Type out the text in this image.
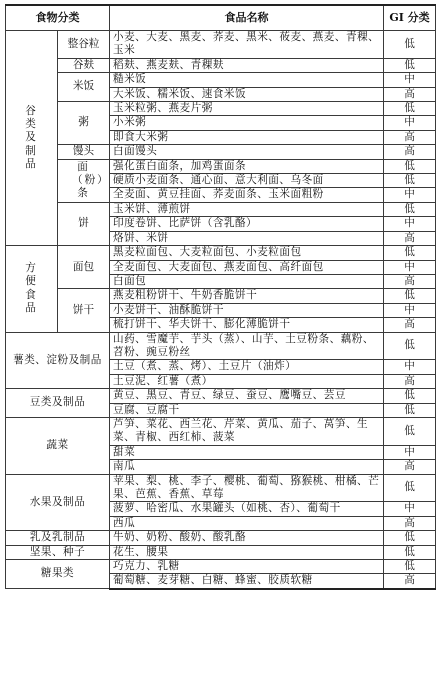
食物分类		食品名称	GI 分类
谷类及制品	整谷粒	小麦、大麦、黑麦、荞麦、黑米、莜麦、燕麦、青稞、玉米	低
	谷麸	稻麸、燕麦麸、青稞麸	低
	米饭	糙米饭	中
		大米饭、糯米饭、速食米饭	高
	粥	玉米粒粥、燕麦片粥	低
		小米粥	中
		即食大米粥	高
	馒头	白面馒头	高
	面（粉）条	强化蛋白面条，加鸡蛋面条	低
		硬质小麦面条、通心面、意大利面、乌冬面	低
		全麦面、黄豆挂面、荞麦面条、玉米面粗粉	中
	饼	玉米饼、薄煎饼	低
		印度卷饼、比萨饼（含乳酪）	中
		烙饼、米饼	高
方便食品	面包	黑麦粒面包、大麦粒面包、小麦粒面包	低
		全麦面包、大麦面包、燕麦面包、高纤面包	中
		白面包	高
	饼干	燕麦粗粉饼干、牛奶香脆饼干	低
		小麦饼干、油酥脆饼干	中
		梳打饼干、华夫饼干、膨化薄脆饼干	高
薯类、淀粉及制品		山药、雪魔芋、芋头（蒸）、山芋、土豆粉条、藕粉、苕粉、豌豆粉丝	低
		土豆（煮、蒸、烤）、土豆片（油炸）	中
		土豆泥、红薯（煮）	高
豆类及制品		黄豆、黑豆、青豆、绿豆、蚕豆、鹰嘴豆、芸豆	低
		豆腐、豆腐干	低
蔬菜		芦笋、菜花、西兰花、芹菜、黄瓜、茄子、莴笋、生菜、青椒、西红柿、菠菜	低
		甜菜	中
		南瓜	高
水果及制品		苹果、梨、桃、李子、樱桃、葡萄、猕猴桃、柑橘、芒果、芭蕉、香蕉、草莓	低
		菠萝、哈密瓜、水果罐头（如桃、杏）、葡萄干	中
		西瓜	高
乳及乳制品		牛奶、奶粉、酸奶、酸乳酪	低
坚果、种子		花生、腰果	低
糖果类		巧克力、乳糖	低
		葡萄糖、麦芽糖、白糖、蜂蜜、胶质软糖	高
